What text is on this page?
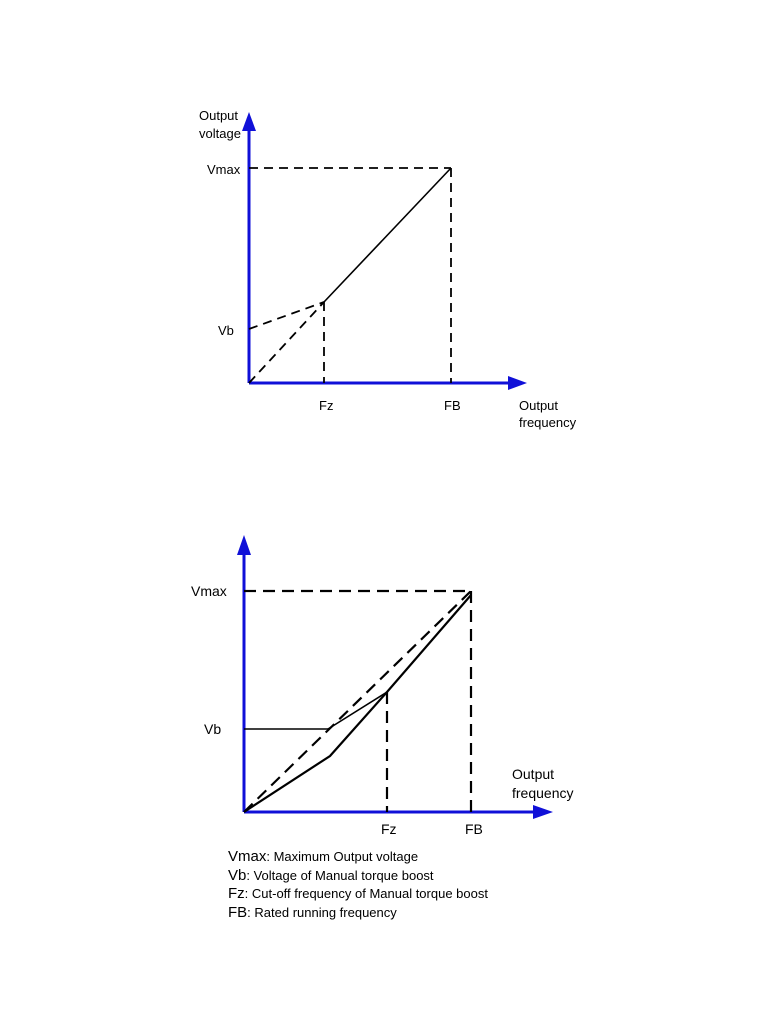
Output
voltage
Vmax
Vb
Fz	FB	Output
frequency
Vmax
Vb
Fz	FB
Output
frequency
Vmax: Maximum Output voltage
Vb: Voltage of Manual torque boost
Fz: Cut-off frequency of Manual torque boost
FB: Rated running frequency
